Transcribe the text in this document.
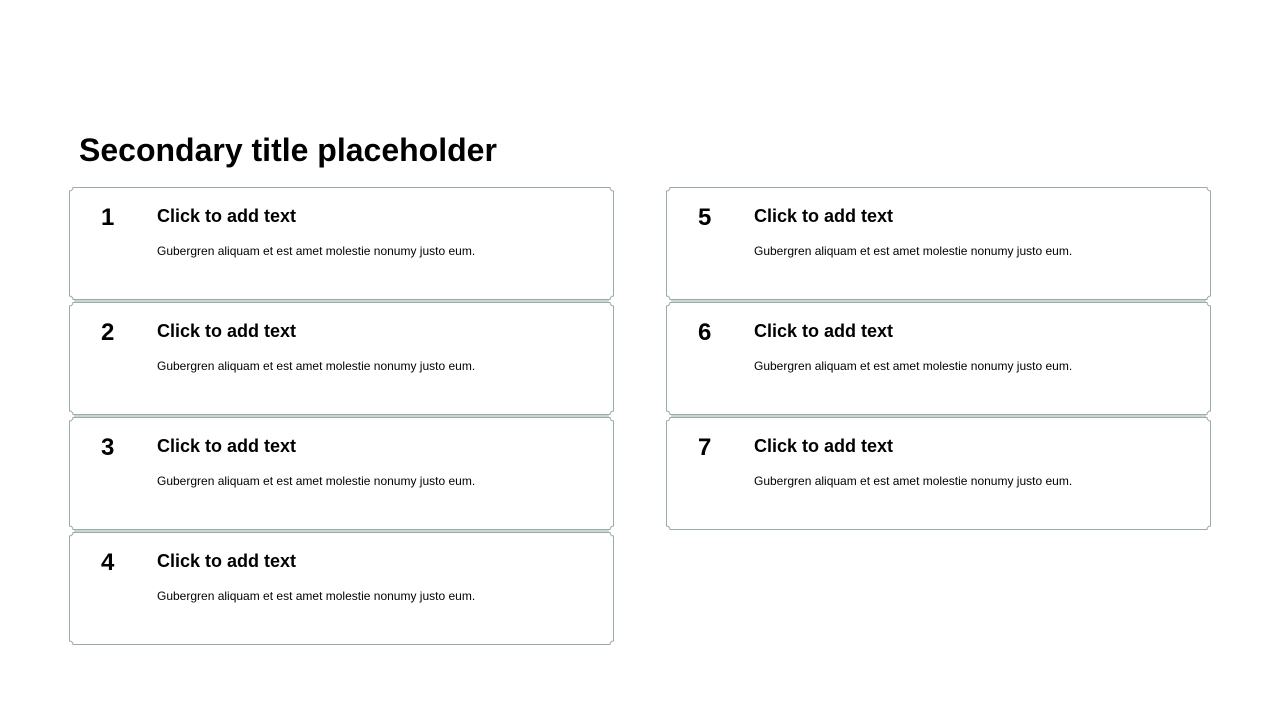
Secondary title placeholder
1 Click to add text
Gubergren aliquam et est amet molestie nonumy justo eum.
2 Click to add text
Gubergren aliquam et est amet molestie nonumy justo eum.
3 Click to add text
Gubergren aliquam et est amet molestie nonumy justo eum.
4 Click to add text
Gubergren aliquam et est amet molestie nonumy justo eum.
5 Click to add text
Gubergren aliquam et est amet molestie nonumy justo eum.
6 Click to add text
Gubergren aliquam et est amet molestie nonumy justo eum.
7 Click to add text
Gubergren aliquam et est amet molestie nonumy justo eum.
